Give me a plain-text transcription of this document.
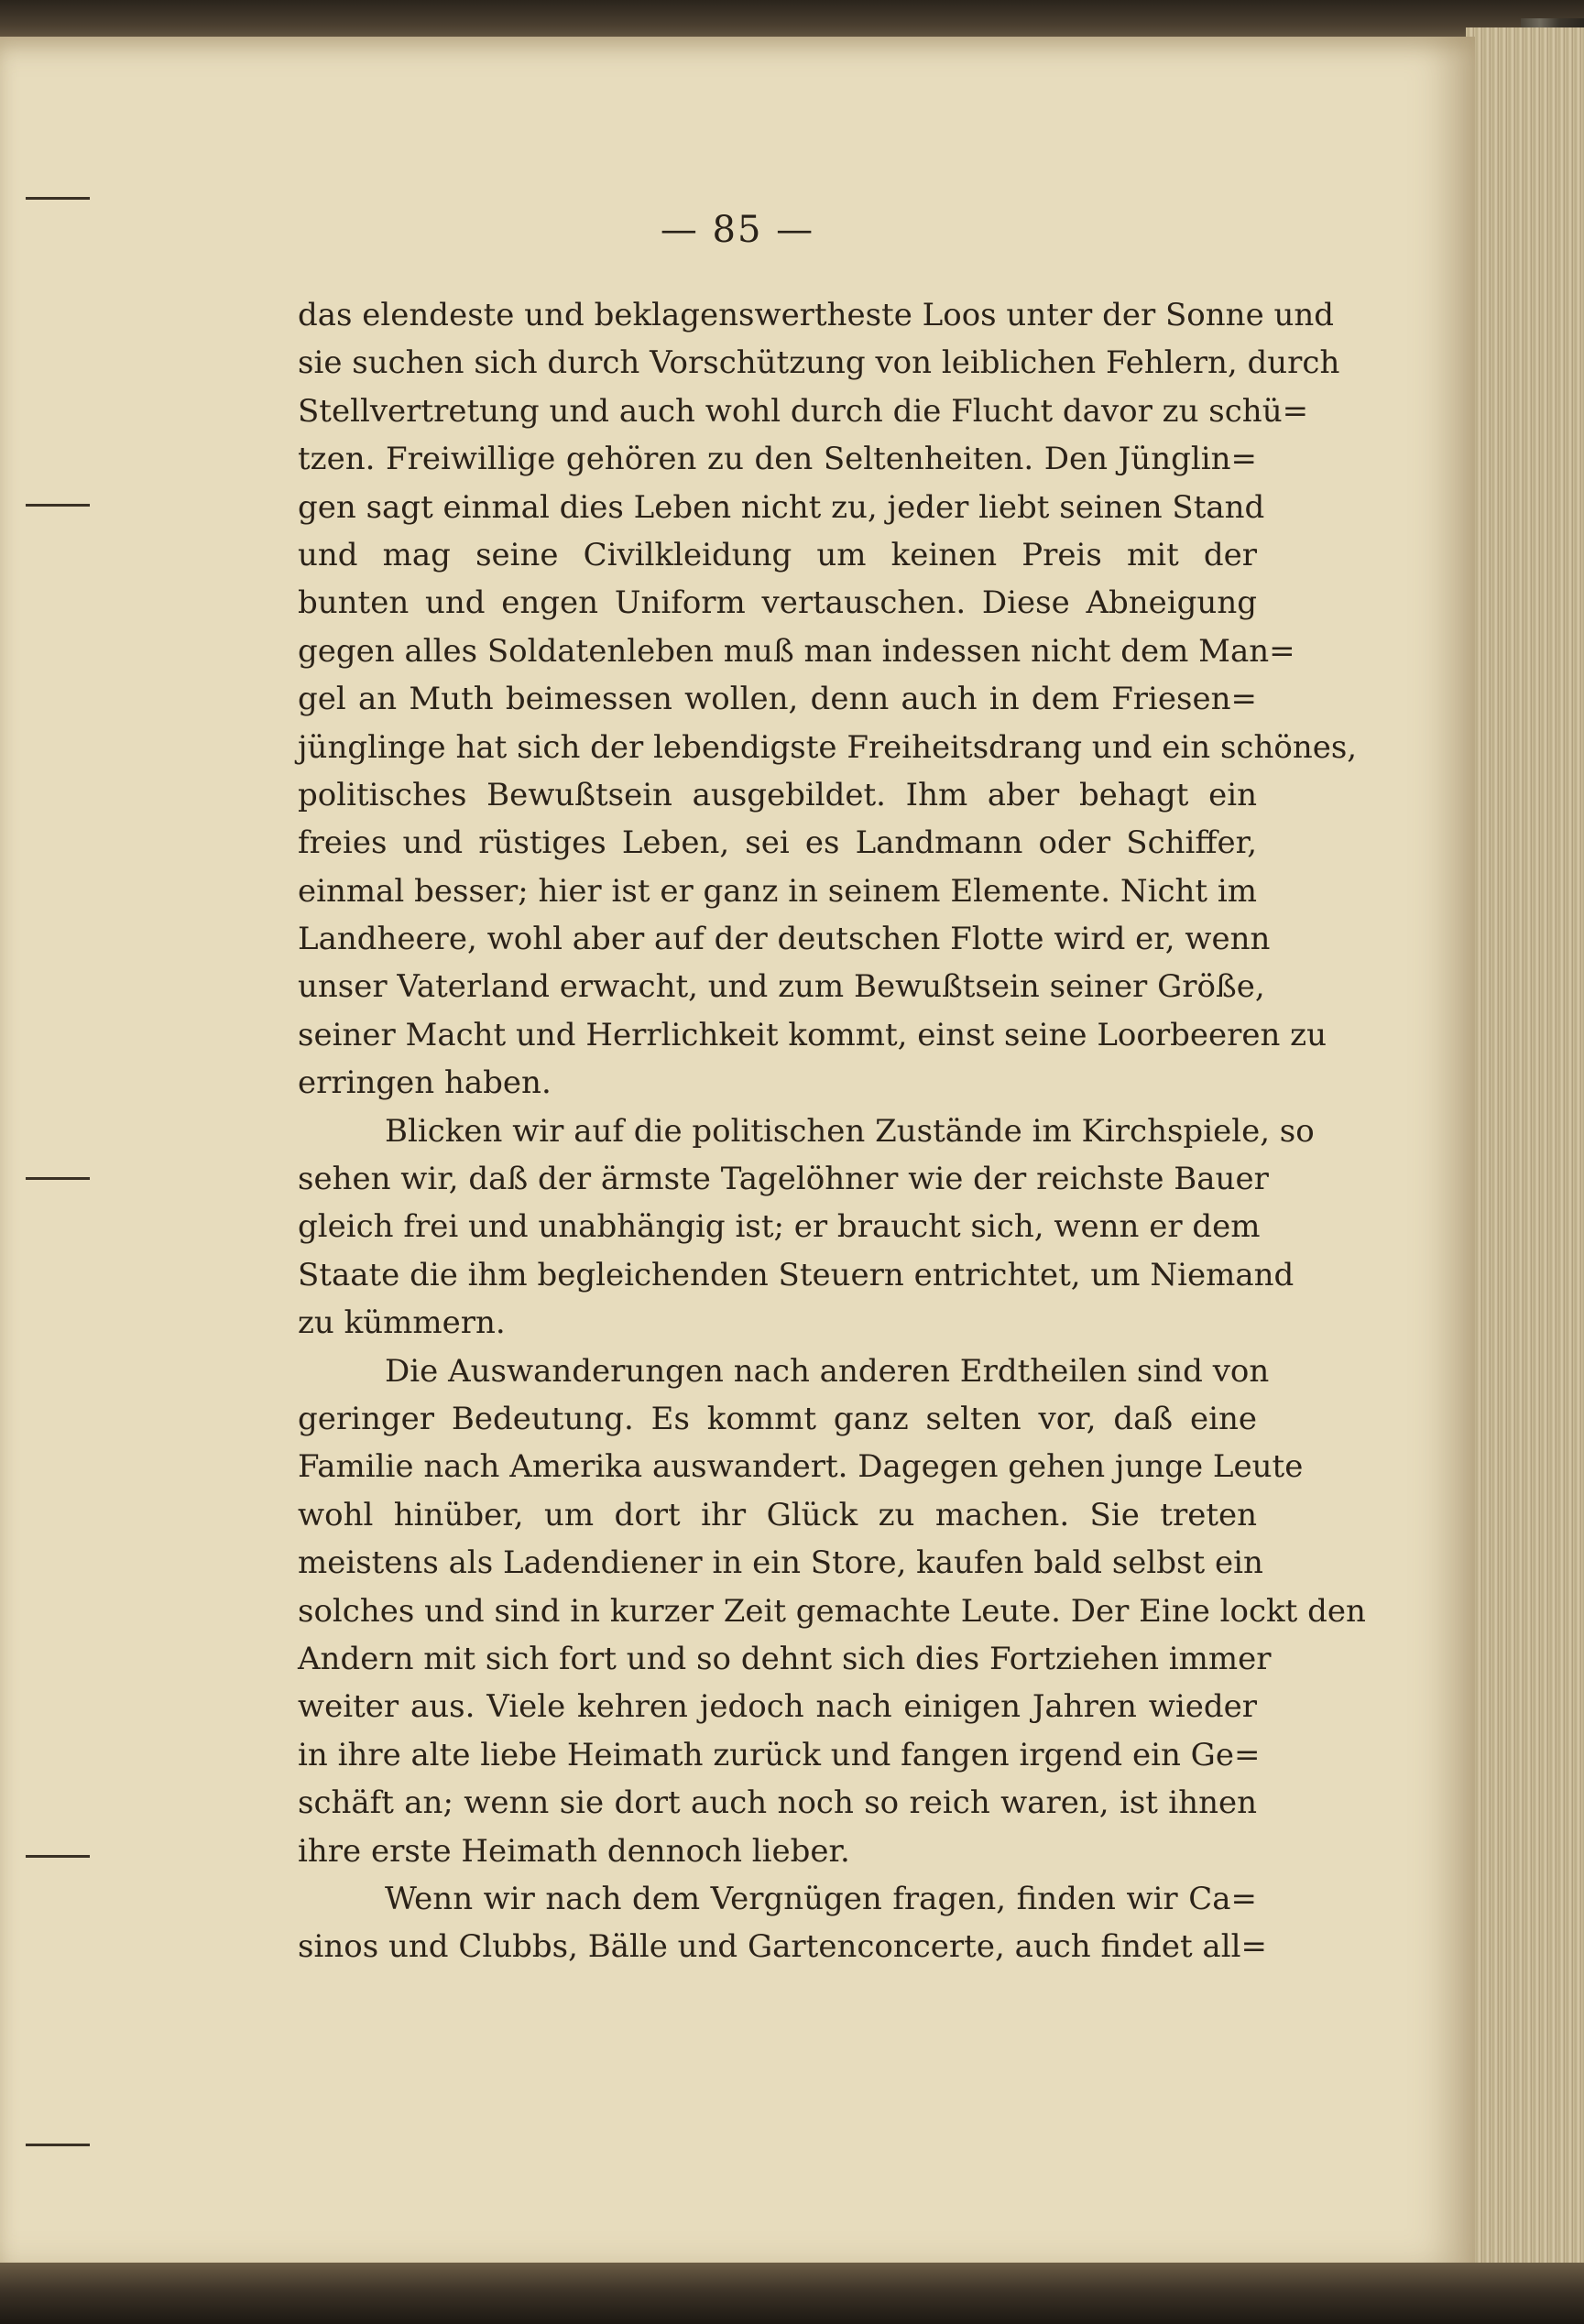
— 85 —
das elendeste und beklagenswertheste Loos unter der Sonne und
sie suchen sich durch Vorschützung von leiblichen Fehlern, durch
Stellvertretung und auch wohl durch die Flucht davor zu schü=
tzen. Freiwillige gehören zu den Seltenheiten. Den Jünglin=
gen sagt einmal dies Leben nicht zu, jeder liebt seinen Stand
und mag seine Civilkleidung um keinen Preis mit der
bunten und engen Uniform vertauschen. Diese Abneigung
gegen alles Soldatenleben muß man indessen nicht dem Man=
gel an Muth beimessen wollen, denn auch in dem Friesen=
jünglinge hat sich der lebendigste Freiheitsdrang und ein schönes,
politisches Bewußtsein ausgebildet. Ihm aber behagt ein
freies und rüstiges Leben, sei es Landmann oder Schiffer,
einmal besser; hier ist er ganz in seinem Elemente. Nicht im
Landheere, wohl aber auf der deutschen Flotte wird er, wenn
unser Vaterland erwacht, und zum Bewußtsein seiner Größe,
seiner Macht und Herrlichkeit kommt, einst seine Loorbeeren zu
erringen haben.
Blicken wir auf die politischen Zustände im Kirchspiele, so
sehen wir, daß der ärmste Tagelöhner wie der reichste Bauer
gleich frei und unabhängig ist; er braucht sich, wenn er dem
Staate die ihm begleichenden Steuern entrichtet, um Niemand
zu kümmern.
Die Auswanderungen nach anderen Erdtheilen sind von
geringer Bedeutung. Es kommt ganz selten vor, daß eine
Familie nach Amerika auswandert. Dagegen gehen junge Leute
wohl hinüber, um dort ihr Glück zu machen. Sie treten
meistens als Ladendiener in ein Store, kaufen bald selbst ein
solches und sind in kurzer Zeit gemachte Leute. Der Eine lockt den
Andern mit sich fort und so dehnt sich dies Fortziehen immer
weiter aus. Viele kehren jedoch nach einigen Jahren wieder
in ihre alte liebe Heimath zurück und fangen irgend ein Ge=
schäft an; wenn sie dort auch noch so reich waren, ist ihnen
ihre erste Heimath dennoch lieber.
Wenn wir nach dem Vergnügen fragen, finden wir Ca=
sinos und Clubbs, Bälle und Gartenconcerte, auch findet all=
